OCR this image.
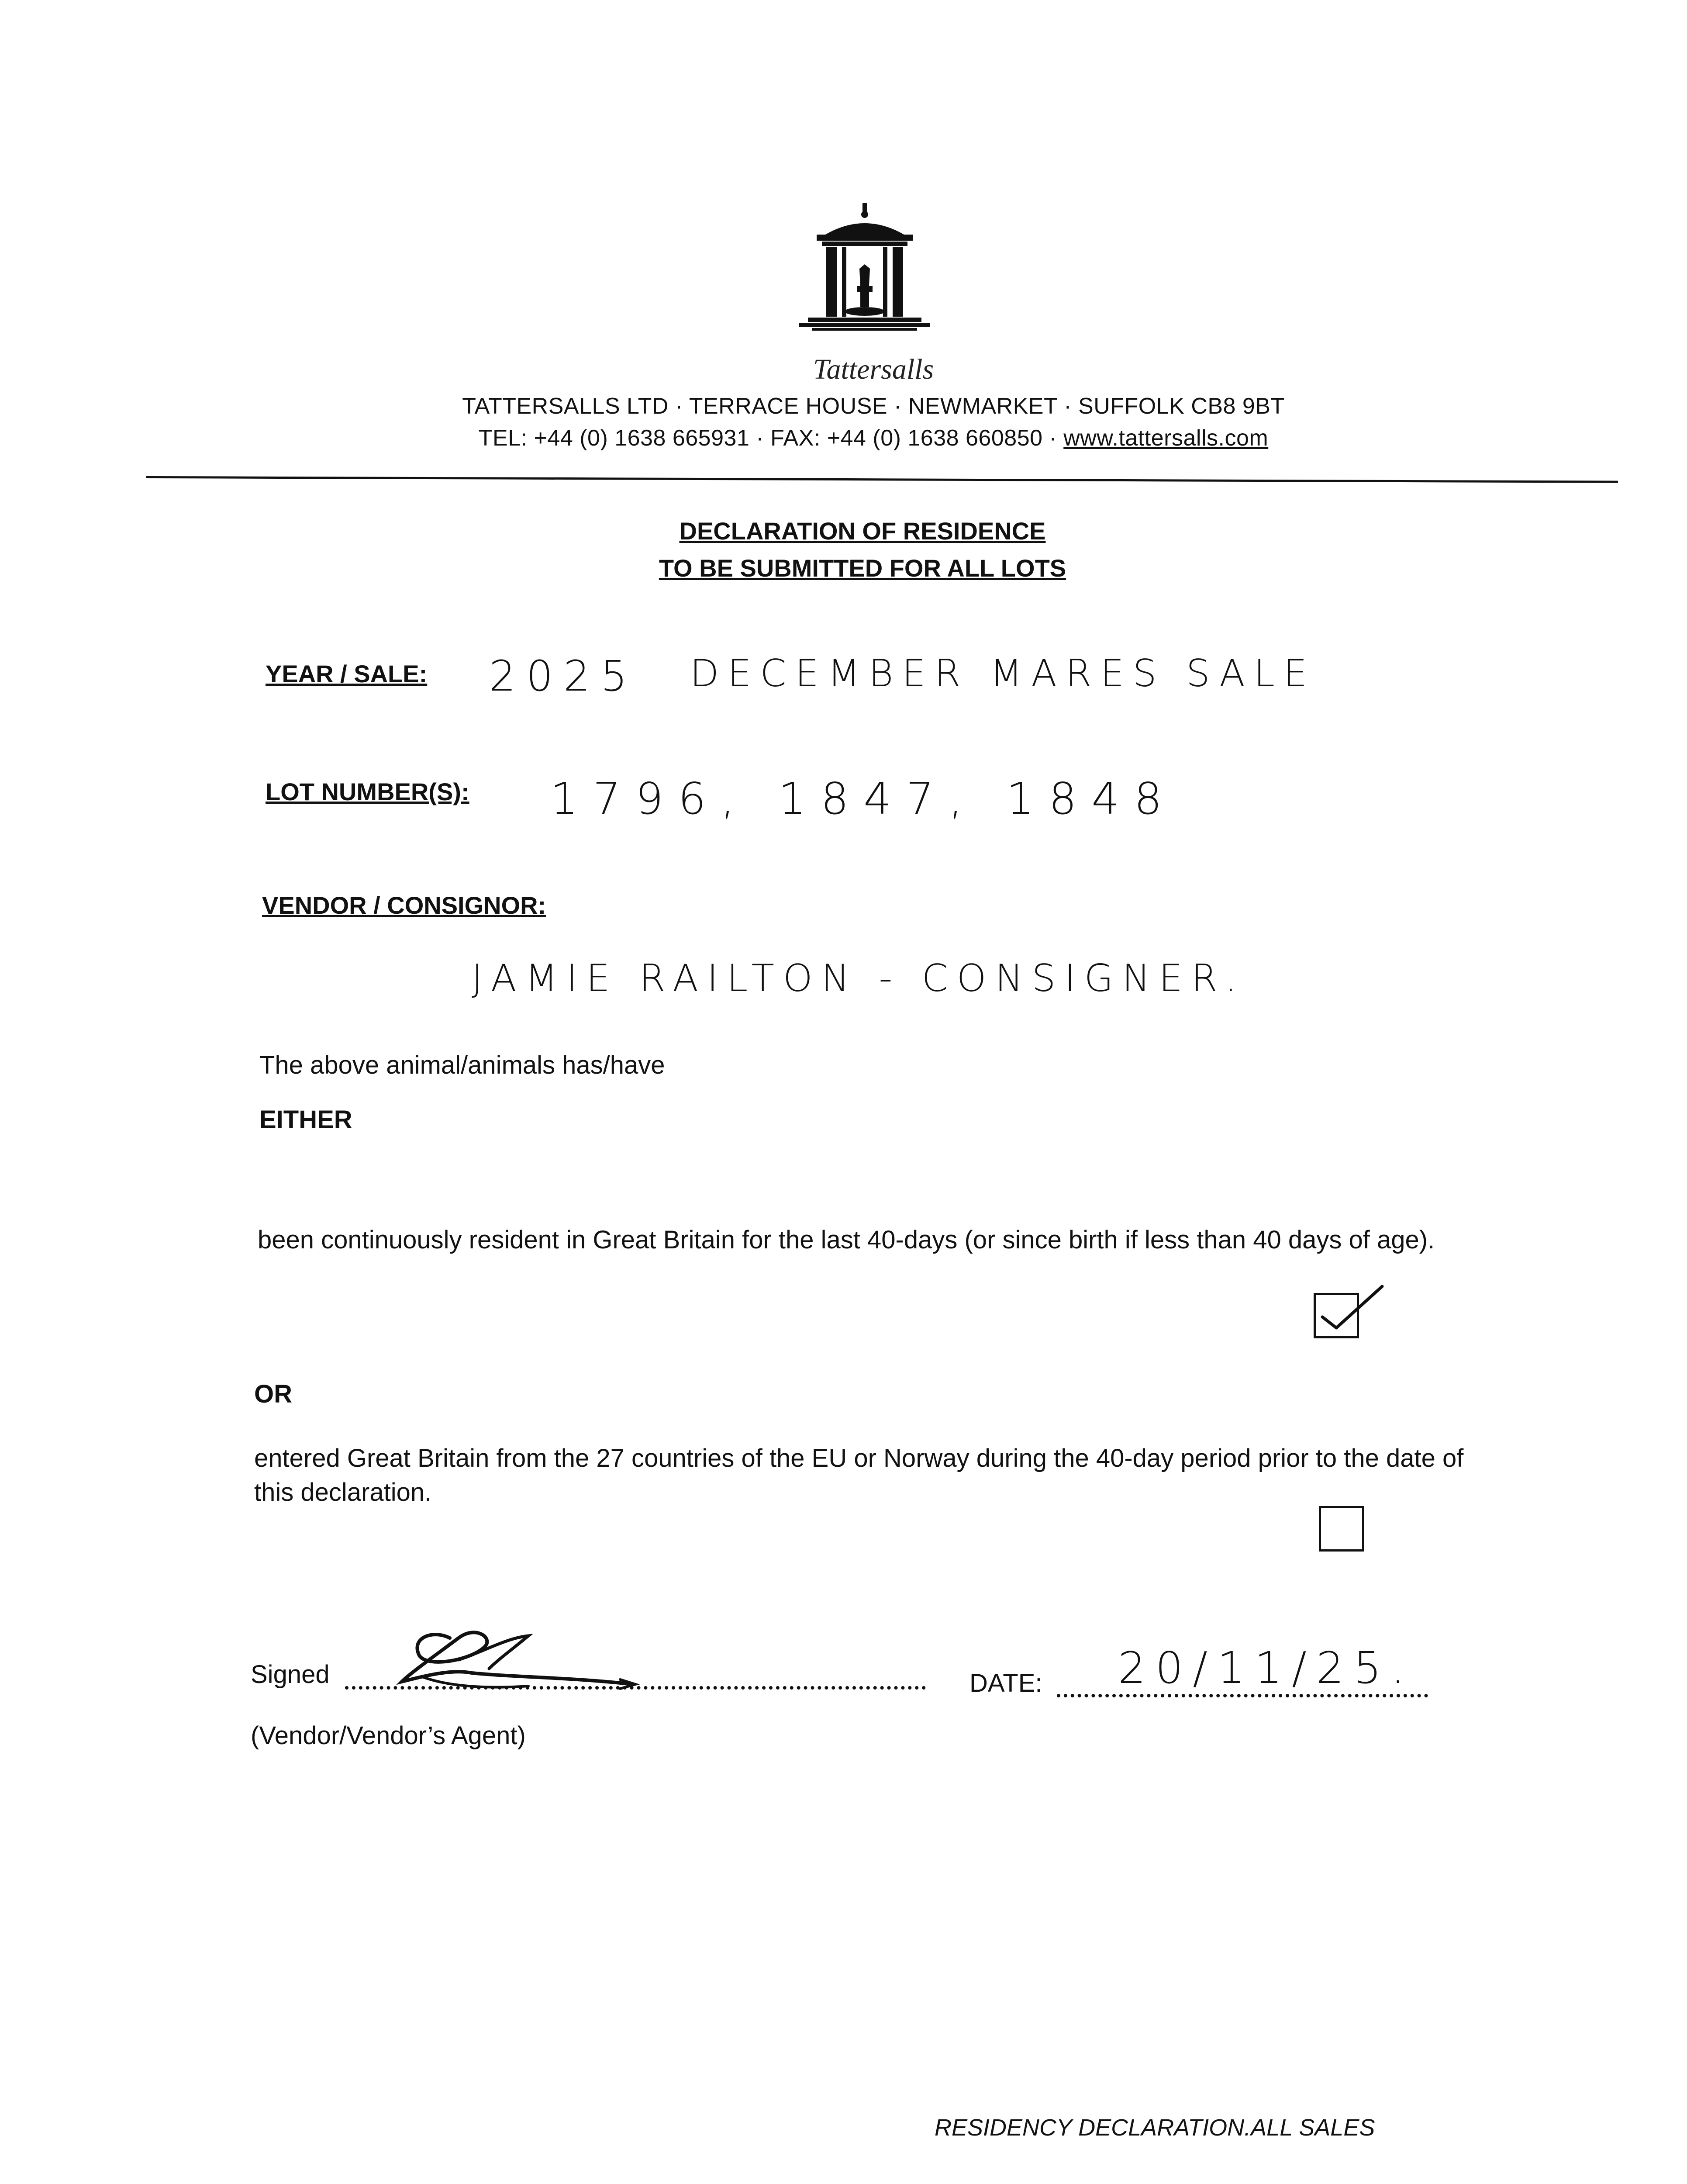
Tattersalls
TATTERSALLS LTD · TERRACE HOUSE · NEWMARKET · SUFFOLK CB8 9BT
TEL: +44 (0) 1638 665931 · FAX: +44 (0) 1638 660850 · www.tattersalls.com
DECLARATION OF RESIDENCE
TO BE SUBMITTED FOR ALL LOTS
YEAR / SALE: 2025 DECEMBER MARES SALE
LOT NUMBER(S): 1796, 1847, 1848
VENDOR / CONSIGNOR:
JAMIE RAILTON - CONSIGNER.
The above animal/animals has/have
EITHER
been continuously resident in Great Britain for the last 40-days (or since birth if less than 40 days of age).
OR
entered Great Britain from the 27 countries of the EU or Norway during the 40-day period prior to the date of this declaration.
Signed	DATE: 20/11/25.
(Vendor/Vendor’s Agent)
RESIDENCY DECLARATION.ALL SALES
